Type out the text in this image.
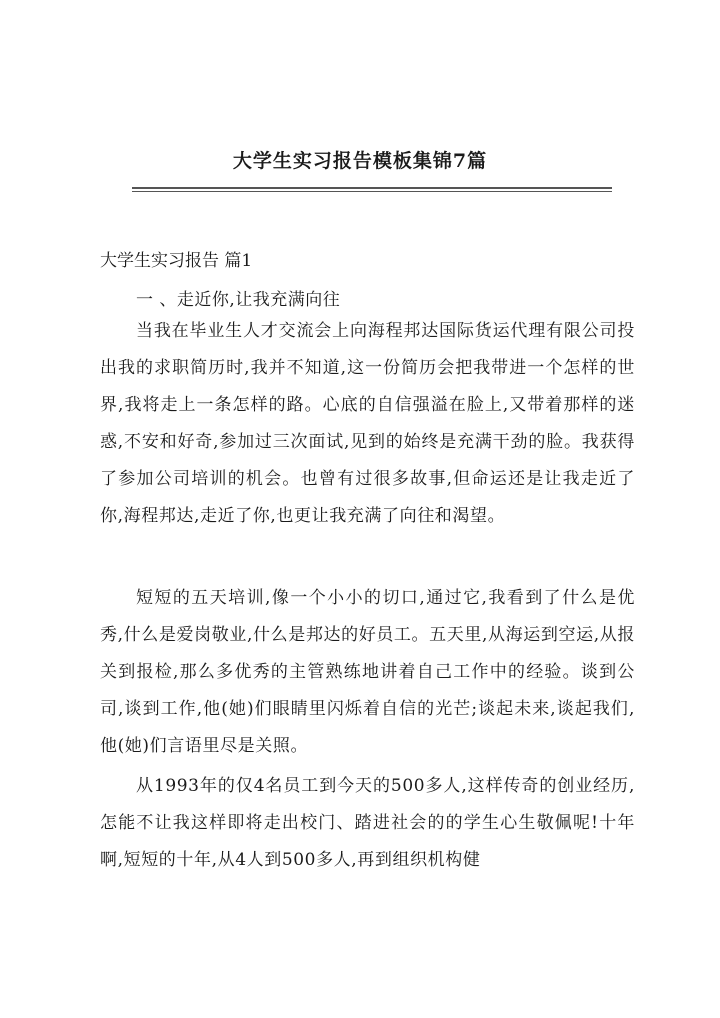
大学生实习报告模板集锦7篇
大学生实习报告 篇1
一 、走近你,让我充满向往

当我在毕业生人才交流会上向海程邦达国际货运代理有限公司投出我的求职简历时,我并不知道,这一份简历会把我带进一个怎样的世界,我将走上一条怎样的路。心底的自信强溢在脸上,又带着那样的迷惑,不安和好奇,参加过三次面试,见到的始终是充满干劲的脸。我获得了参加公司培训的机会。也曾有过很多故事,但命运还是让我走近了你,海程邦达,走近了你,也更让我充满了向往和渴望。

短短的五天培训,像一个小小的切口,通过它,我看到了什么是优秀,什么是爱岗敬业,什么是邦达的好员工。五天里,从海运到空运,从报关到报检,那么多优秀的主管熟练地讲着自己工作中的经验。谈到公司,谈到工作,他(她)们眼睛里闪烁着自信的光芒;谈起未来,谈起我们,他(她)们言语里尽是关照。

从1993年的仅4名员工到今天的500多人,这样传奇的创业经历,怎能不让我这样即将走出校门、踏进社会的的学生心生敬佩呢!十年啊,短短的十年,从4人到500多人,再到组织机构健
